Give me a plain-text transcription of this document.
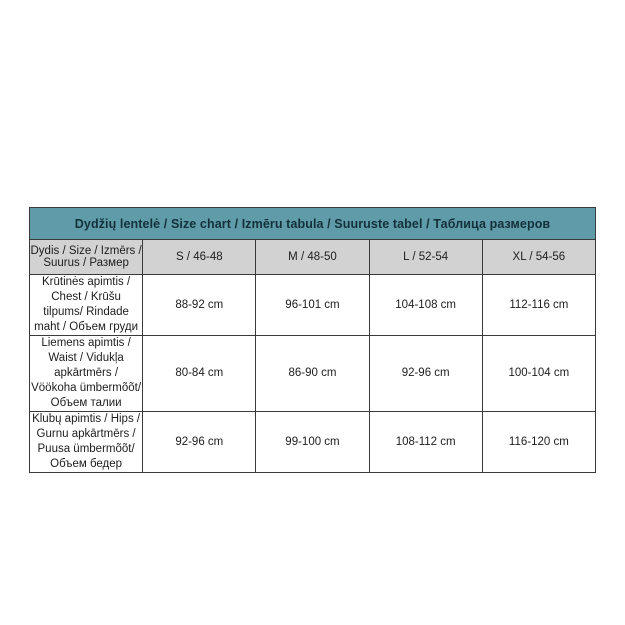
Dydžių lentelė / Size chart / Izmēru tabula / Suuruste tabel / Таблица размеров				
Dydis / Size / Izmērs / Suurus / Размер	S / 46-48	M / 48-50	L / 52-54	XL / 54-56
Krūtinės apimtis / Chest / Krūšu tilpums/ Rindade maht / Объем груди	88-92 cm	96-101 cm	104-108 cm	112-116 cm
Liemens apimtis / Waist / Vidukļa apkārtmērs / Vöökoha ümbermõõt/ Объем талии	80-84 cm	86-90 cm	92-96 cm	100-104 cm
Klubų apimtis / Hips / Gurnu apkārtmērs / Puusa ümbermõõt/ Объем бедер	92-96 cm	99-100 cm	108-112 cm	116-120 cm
